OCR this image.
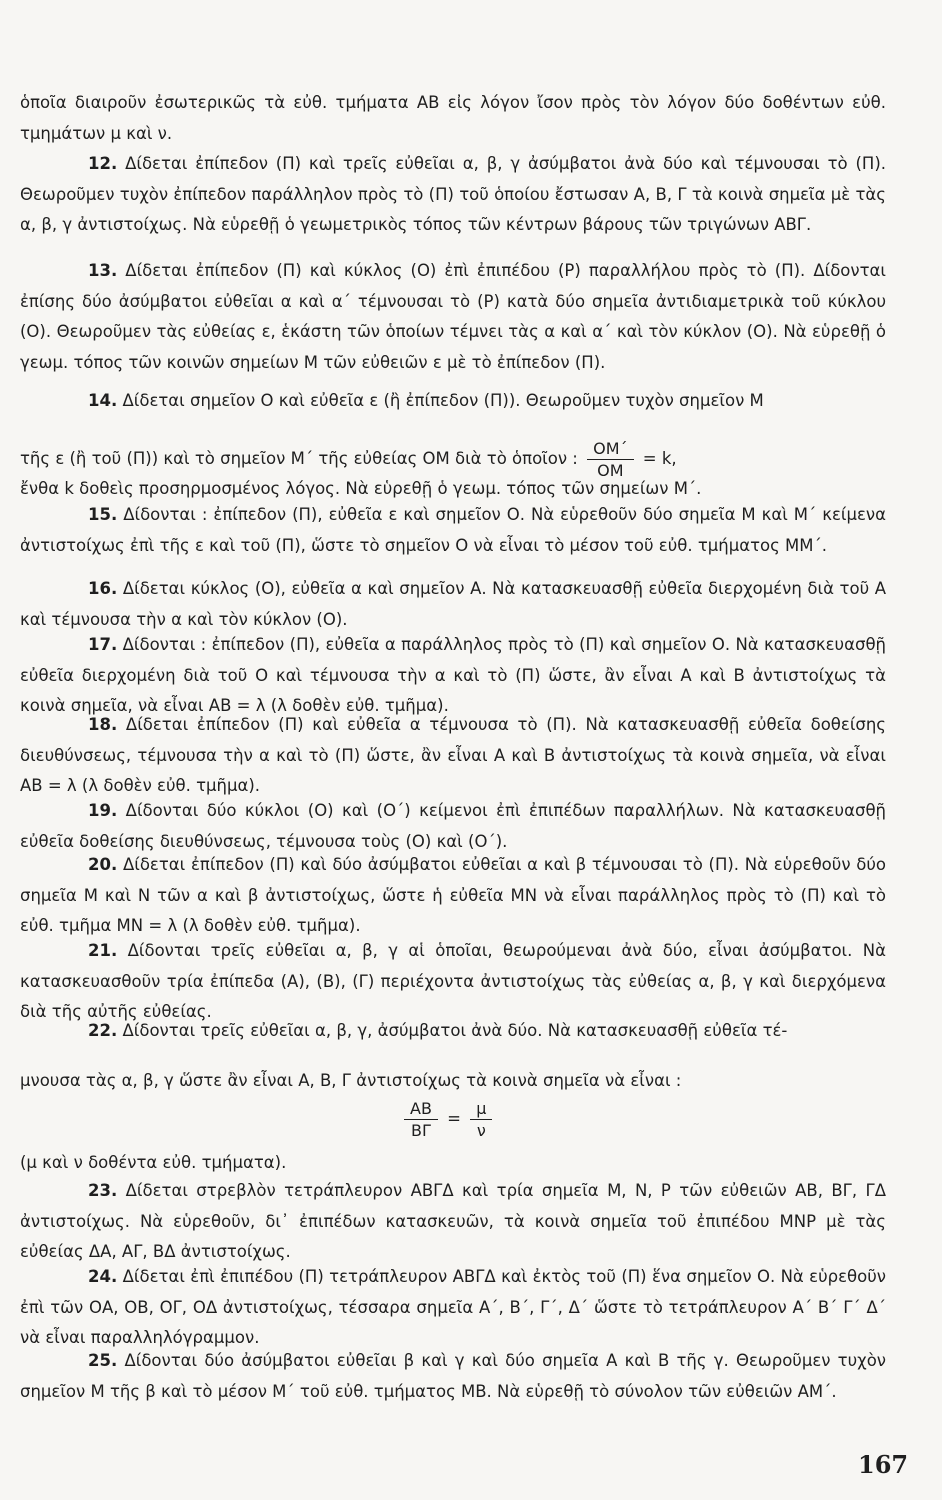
ὁποῖα διαιροῦν ἐσωτερικῶς τὰ εὐθ. τμήματα ΑΒ εἰς λόγον ἴσον πρὸς τὸν λόγον δύο δοθέντων εὐθ. τμημάτων μ καὶ ν.
12. Δίδεται ἐπίπεδον (Π) καὶ τρεῖς εὐθεῖαι α, β, γ ἀσύμβατοι ἀνὰ δύο καὶ τέμνουσαι τὸ (Π). Θεωροῦμεν τυχὸν ἐπίπεδον παράλληλον πρὸς τὸ (Π) τοῦ ὁποίου ἔστωσαν Α, Β, Γ τὰ κοινὰ σημεῖα μὲ τὰς α, β, γ ἀντιστοίχως. Νὰ εὑρεθῇ ὁ γεωμετρικὸς τόπος τῶν κέντρων βάρους τῶν τριγώνων ΑΒΓ.
13. Δίδεται ἐπίπεδον (Π) καὶ κύκλος (Ο) ἐπὶ ἐπιπέδου (Ρ) παραλλήλου πρὸς τὸ (Π). Δίδονται ἐπίσης δύο ἀσύμβατοι εὐθεῖαι α καὶ α΄ τέμνουσαι τὸ (Ρ) κατὰ δύο σημεῖα ἀντιδιαμετρικὰ τοῦ κύκλου (Ο). Θεωροῦμεν τὰς εὐθείας ε, ἑκάστη τῶν ὁποίων τέμνει τὰς α καὶ α΄ καὶ τὸν κύκλον (Ο). Νὰ εὑρεθῇ ὁ γεωμ. τόπος τῶν κοινῶν σημείων Μ τῶν εὐθειῶν ε μὲ τὸ ἐπίπεδον (Π).
14. Δίδεται σημεῖον Ο καὶ εὐθεῖα ε (ἢ ἐπίπεδον (Π)). Θεωροῦμεν τυχὸν σημεῖον Μ
τῆς ε (ἢ τοῦ (Π)) καὶ τὸ σημεῖον Μ΄ τῆς εὐθείας ΟΜ διὰ τὸ ὁποῖον : $\frac{OM΄}{OM} = k$,
ἔνθα k δοθεὶς προσηρμοσμένος λόγος. Νὰ εὑρεθῇ ὁ γεωμ. τόπος τῶν σημείων Μ΄.
15. Δίδονται : ἐπίπεδον (Π), εὐθεῖα ε καὶ σημεῖον Ο. Νὰ εὑρεθοῦν δύο σημεῖα Μ καὶ Μ΄ κείμενα ἀντιστοίχως ἐπὶ τῆς ε καὶ τοῦ (Π), ὥστε τὸ σημεῖον Ο νὰ εἶναι τὸ μέσον τοῦ εὐθ. τμήματος ΜΜ΄.
16. Δίδεται κύκλος (Ο), εὐθεῖα α καὶ σημεῖον Α. Νὰ κατασκευασθῇ εὐθεῖα διερχομένη διὰ τοῦ Α καὶ τέμνουσα τὴν α καὶ τὸν κύκλον (Ο).
17. Δίδονται : ἐπίπεδον (Π), εὐθεῖα α παράλληλος πρὸς τὸ (Π) καὶ σημεῖον Ο. Νὰ κατασκευασθῇ εὐθεῖα διερχομένη διὰ τοῦ Ο καὶ τέμνουσα τὴν α καὶ τὸ (Π) ὥστε, ἂν εἶναι Α καὶ Β ἀντιστοίχως τὰ κοινὰ σημεῖα, νὰ εἶναι ΑΒ = λ (λ δοθὲν εὐθ. τμῆμα).
18. Δίδεται ἐπίπεδον (Π) καὶ εὐθεῖα α τέμνουσα τὸ (Π). Νὰ κατασκευασθῇ εὐθεῖα δοθείσης διευθύνσεως, τέμνουσα τὴν α καὶ τὸ (Π) ὥστε, ἂν εἶναι Α καὶ Β ἀντιστοίχως τὰ κοινὰ σημεῖα, νὰ εἶναι ΑΒ = λ (λ δοθὲν εὐθ. τμῆμα).
19. Δίδονται δύο κύκλοι (Ο) καὶ (Ο΄) κείμενοι ἐπὶ ἐπιπέδων παραλλήλων. Νὰ κατασκευασθῇ εὐθεῖα δοθείσης διευθύνσεως, τέμνουσα τοὺς (Ο) καὶ (Ο΄).
20. Δίδεται ἐπίπεδον (Π) καὶ δύο ἀσύμβατοι εὐθεῖαι α καὶ β τέμνουσαι τὸ (Π). Νὰ εὑρεθοῦν δύο σημεῖα Μ καὶ Ν τῶν α καὶ β ἀντιστοίχως, ὥστε ἡ εὐθεῖα ΜΝ νὰ εἶναι παράλληλος πρὸς τὸ (Π) καὶ τὸ εὐθ. τμῆμα ΜΝ = λ (λ δοθὲν εὐθ. τμῆμα).
21. Δίδονται τρεῖς εὐθεῖαι α, β, γ αἱ ὁποῖαι, θεωρούμεναι ἀνὰ δύο, εἶναι ἀσύμβατοι. Νὰ κατασκευασθοῦν τρία ἐπίπεδα (Α), (Β), (Γ) περιέχοντα ἀντιστοίχως τὰς εὐθείας α, β, γ καὶ διερχόμενα διὰ τῆς αὐτῆς εὐθείας.
22. Δίδονται τρεῖς εὐθεῖαι α, β, γ, ἀσύμβατοι ἀνὰ δύο. Νὰ κατασκευασθῇ εὐθεῖα τέ-
μνουσα τὰς α, β, γ ὥστε ἂν εἶναι Α, Β, Γ ἀντιστοίχως τὰ κοινὰ σημεῖα νὰ εἶναι :
$\frac{AB}{B\Gamma} = \frac{\mu}{\nu}$
(μ καὶ ν δοθέντα εὐθ. τμήματα).
23. Δίδεται στρεβλὸν τετράπλευρον ΑΒΓΔ καὶ τρία σημεῖα Μ, Ν, Ρ τῶν εὐθειῶν ΑΒ, ΒΓ, ΓΔ ἀντιστοίχως. Νὰ εὑρεθοῦν, δι᾽ ἐπιπέδων κατασκευῶν, τὰ κοινὰ σημεῖα τοῦ ἐπιπέδου ΜΝΡ μὲ τὰς εὐθείας ΔΑ, ΑΓ, ΒΔ ἀντιστοίχως.
24. Δίδεται ἐπὶ ἐπιπέδου (Π) τετράπλευρον ΑΒΓΔ καὶ ἐκτὸς τοῦ (Π) ἕνα σημεῖον Ο. Νὰ εὑρεθοῦν ἐπὶ τῶν ΟΑ, ΟΒ, ΟΓ, ΟΔ ἀντιστοίχως, τέσσαρα σημεῖα Α΄, Β΄, Γ΄, Δ΄ ὥστε τὸ τετράπλευρον Α΄ Β΄ Γ΄ Δ΄ νὰ εἶναι παραλληλόγραμμον.
25. Δίδονται δύο ἀσύμβατοι εὐθεῖαι β καὶ γ καὶ δύο σημεῖα Α καὶ Β τῆς γ. Θεωροῦμεν τυχὸν σημεῖον Μ τῆς β καὶ τὸ μέσον Μ΄ τοῦ εὐθ. τμήματος ΜΒ. Νὰ εὑρεθῇ τὸ σύνολον τῶν εὐθειῶν ΑΜ΄.
167
